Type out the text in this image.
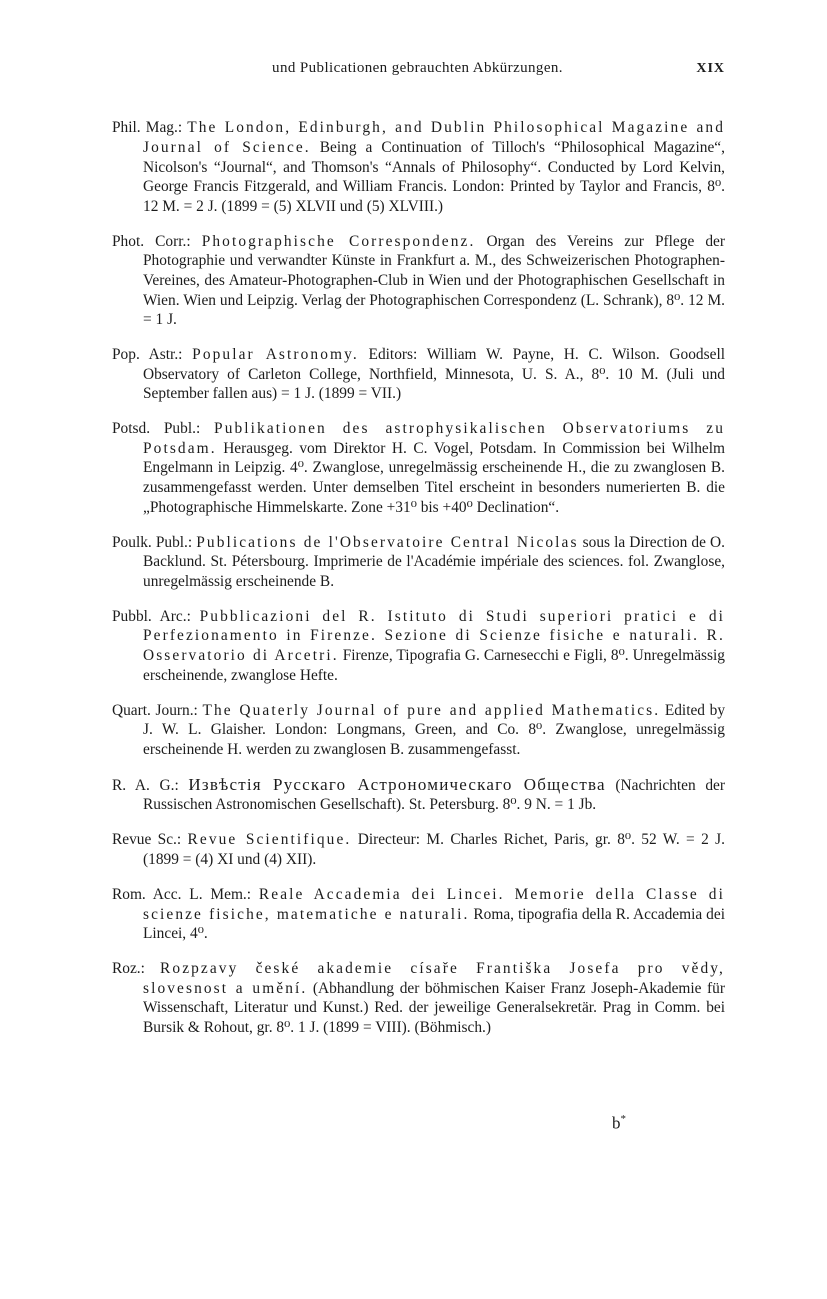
und Publicationen gebrauchten Abkürzungen.	XIX

Phil. Mag.: The London, Edinburgh, and Dublin Philosophical Magazine and Journal of Science. Being a Continuation of Tilloch's “Philosophical Magazine“, Nicolson's “Journal“, and Thomson's “Annals of Philosophy“. Conducted by Lord Kelvin, George Francis Fitzgerald, and William Francis. London: Printed by Taylor and Francis, 8⁰. 12 M. = 2 J. (1899 = (5) XLVII und (5) XLVIII.)

Phot. Corr.: Photographische Correspondenz. Organ des Vereins zur Pflege der Photographie und verwandter Künste in Frankfurt a. M., des Schweizerischen Photographen-Vereines, des Amateur-Photographen-Club in Wien und der Photographischen Gesellschaft in Wien. Wien und Leipzig. Verlag der Photographischen Correspondenz (L. Schrank), 8⁰. 12 M. = 1 J.

Pop. Astr.: Popular Astronomy. Editors: William W. Payne, H. C. Wilson. Goodsell Observatory of Carleton College, Northfield, Minnesota, U. S. A., 8⁰. 10 M. (Juli und September fallen aus) = 1 J. (1899 = VII.)

Potsd. Publ.: Publikationen des astrophysikalischen Observatoriums zu Potsdam. Herausgeg. vom Direktor H. C. Vogel, Potsdam. In Commission bei Wilhelm Engelmann in Leipzig. 4⁰. Zwanglose, unregelmässig erscheinende H., die zu zwanglosen B. zusammengefasst werden. Unter demselben Titel erscheint in besonders numerierten B. die „Photographische Himmelskarte. Zone +31⁰ bis +40⁰ Declination“.

Poulk. Publ.: Publications de l'Observatoire Central Nicolas sous la Direction de O. Backlund. St. Pétersbourg. Imprimerie de l'Académie impériale des sciences. fol. Zwanglose, unregelmässig erscheinende B.

Pubbl. Arc.: Pubblicazioni del R. Istituto di Studi superiori pratici e di Perfezionamento in Firenze. Sezione di Scienze fisiche e naturali. R. Osservatorio di Arcetri. Firenze, Tipografia G. Carnesecchi e Figli, 8⁰. Unregelmässig erscheinende, zwanglose Hefte.

Quart. Journ.: The Quaterly Journal of pure and applied Mathematics. Edited by J. W. L. Glaisher. London: Longmans, Green, and Co. 8⁰. Zwanglose, unregelmässig erscheinende H. werden zu zwanglosen B. zusammengefasst.

R. A. G.: Извѣстія Русскаго Астрономическаго Общества (Nachrichten der Russischen Astronomischen Gesellschaft). St. Petersburg. 8⁰. 9 N. = 1 Jb.

Revue Sc.: Revue Scientifique. Directeur: M. Charles Richet, Paris, gr. 8⁰. 52 W. = 2 J. (1899 = (4) XI und (4) XII).

Rom. Acc. L. Mem.: Reale Accademia dei Lincei. Memorie della Classe di scienze fisiche, matematiche e naturali. Roma, tipografia della R. Accademia dei Lincei, 4⁰.

Roz.: Rozpzavy české akademie císaře Františka Josefa pro vědy, slovesnost a umění. (Abhandlung der böhmischen Kaiser Franz Joseph-Akademie für Wissenschaft, Literatur und Kunst.) Red. der jeweilige Generalsekretär. Prag in Comm. bei Bursik & Rohout, gr. 8⁰. 1 J. (1899 = VIII). (Böhmisch.)

b*
